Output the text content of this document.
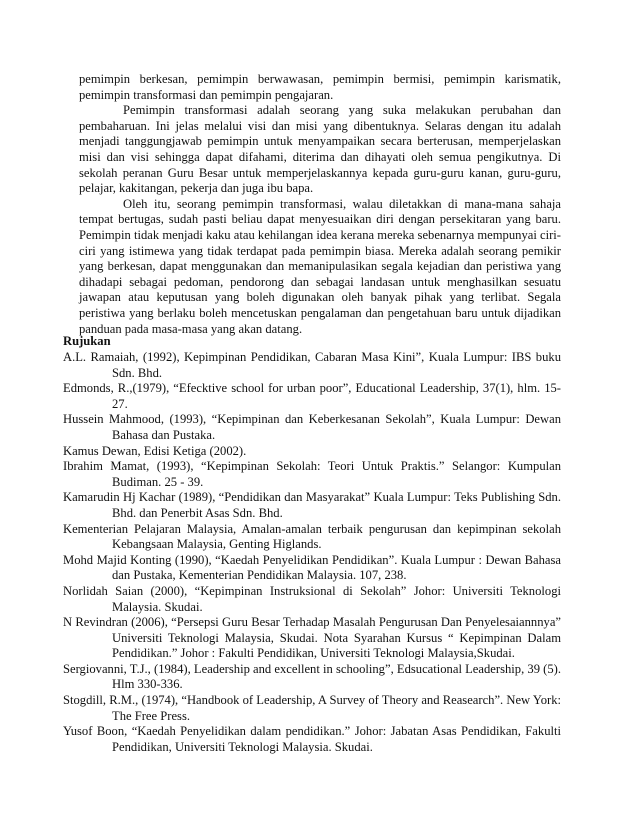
pemimpin berkesan, pemimpin berwawasan, pemimpin bermisi, pemimpin karismatik, pemimpin transformasi dan pemimpin pengajaran.

Pemimpin transformasi adalah seorang yang suka melakukan perubahan dan pembaharuan. Ini jelas melalui visi dan misi yang dibentuknya. Selaras dengan itu adalah menjadi tanggungjawab pemimpin untuk menyampaikan secara berterusan, memperjelaskan misi dan visi sehingga dapat difahami, diterima dan dihayati oleh semua pengikutnya. Di sekolah peranan Guru Besar untuk memperjelaskannya kepada guru-guru kanan, guru-guru, pelajar, kakitangan, pekerja dan juga ibu bapa.

Oleh itu, seorang pemimpin transformasi, walau diletakkan di mana-mana sahaja tempat bertugas, sudah pasti beliau dapat menyesuaikan diri dengan persekitaran yang baru. Pemimpin tidak menjadi kaku atau kehilangan idea kerana mereka sebenarnya mempunyai ciri-ciri yang istimewa yang tidak terdapat pada pemimpin biasa. Mereka adalah seorang pemikir yang berkesan, dapat menggunakan dan memanipulasikan segala kejadian dan peristiwa yang dihadapi sebagai pedoman, pendorong dan sebagai landasan untuk menghasilkan sesuatu jawapan atau keputusan yang boleh digunakan oleh banyak pihak yang terlibat. Segala peristiwa yang berlaku boleh mencetuskan pengalaman dan pengetahuan baru untuk dijadikan panduan pada masa-masa yang akan datang.

Rujukan

A.L. Ramaiah, (1992), Kepimpinan Pendidikan, Cabaran Masa Kini”, Kuala Lumpur: IBS buku Sdn. Bhd.

Edmonds, R.,(1979), “Efecktive school for urban poor”, Educational Leadership, 37(1), hlm. 15-27.

Hussein Mahmood, (1993), “Kepimpinan dan Keberkesanan Sekolah”, Kuala Lumpur: Dewan Bahasa dan Pustaka.

Kamus Dewan, Edisi Ketiga (2002).

Ibrahim Mamat, (1993), “Kepimpinan Sekolah: Teori Untuk Praktis.” Selangor: Kumpulan Budiman. 25 - 39.

Kamarudin Hj Kachar (1989), “Pendidikan dan Masyarakat” Kuala Lumpur: Teks Publishing Sdn. Bhd. dan Penerbit Asas Sdn. Bhd.

Kementerian Pelajaran Malaysia, Amalan-amalan terbaik pengurusan dan kepimpinan sekolah Kebangsaan Malaysia, Genting Higlands.

Mohd Majid Konting (1990), “Kaedah Penyelidikan Pendidikan”. Kuala Lumpur : Dewan Bahasa dan Pustaka, Kementerian Pendidikan Malaysia. 107, 238.

Norlidah Saian (2000), “Kepimpinan Instruksional di Sekolah” Johor: Universiti Teknologi Malaysia. Skudai.

N Revindran (2006), “Persepsi Guru Besar Terhadap Masalah Pengurusan Dan Penyelesaiannnya” Universiti Teknologi Malaysia, Skudai. Nota Syarahan Kursus “ Kepimpinan Dalam Pendidikan.” Johor : Fakulti Pendidikan, Universiti Teknologi Malaysia,Skudai.

Sergiovanni, T.J., (1984), Leadership and excellent in schooling”, Edsucational Leadership, 39 (5). Hlm 330-336.

Stogdill, R.M., (1974), “Handbook of Leadership, A Survey of Theory and Reasearch”. New York: The Free Press.

Yusof Boon, “Kaedah Penyelidikan dalam pendidikan.” Johor: Jabatan Asas Pendidikan, Fakulti Pendidikan, Universiti Teknologi Malaysia. Skudai.
